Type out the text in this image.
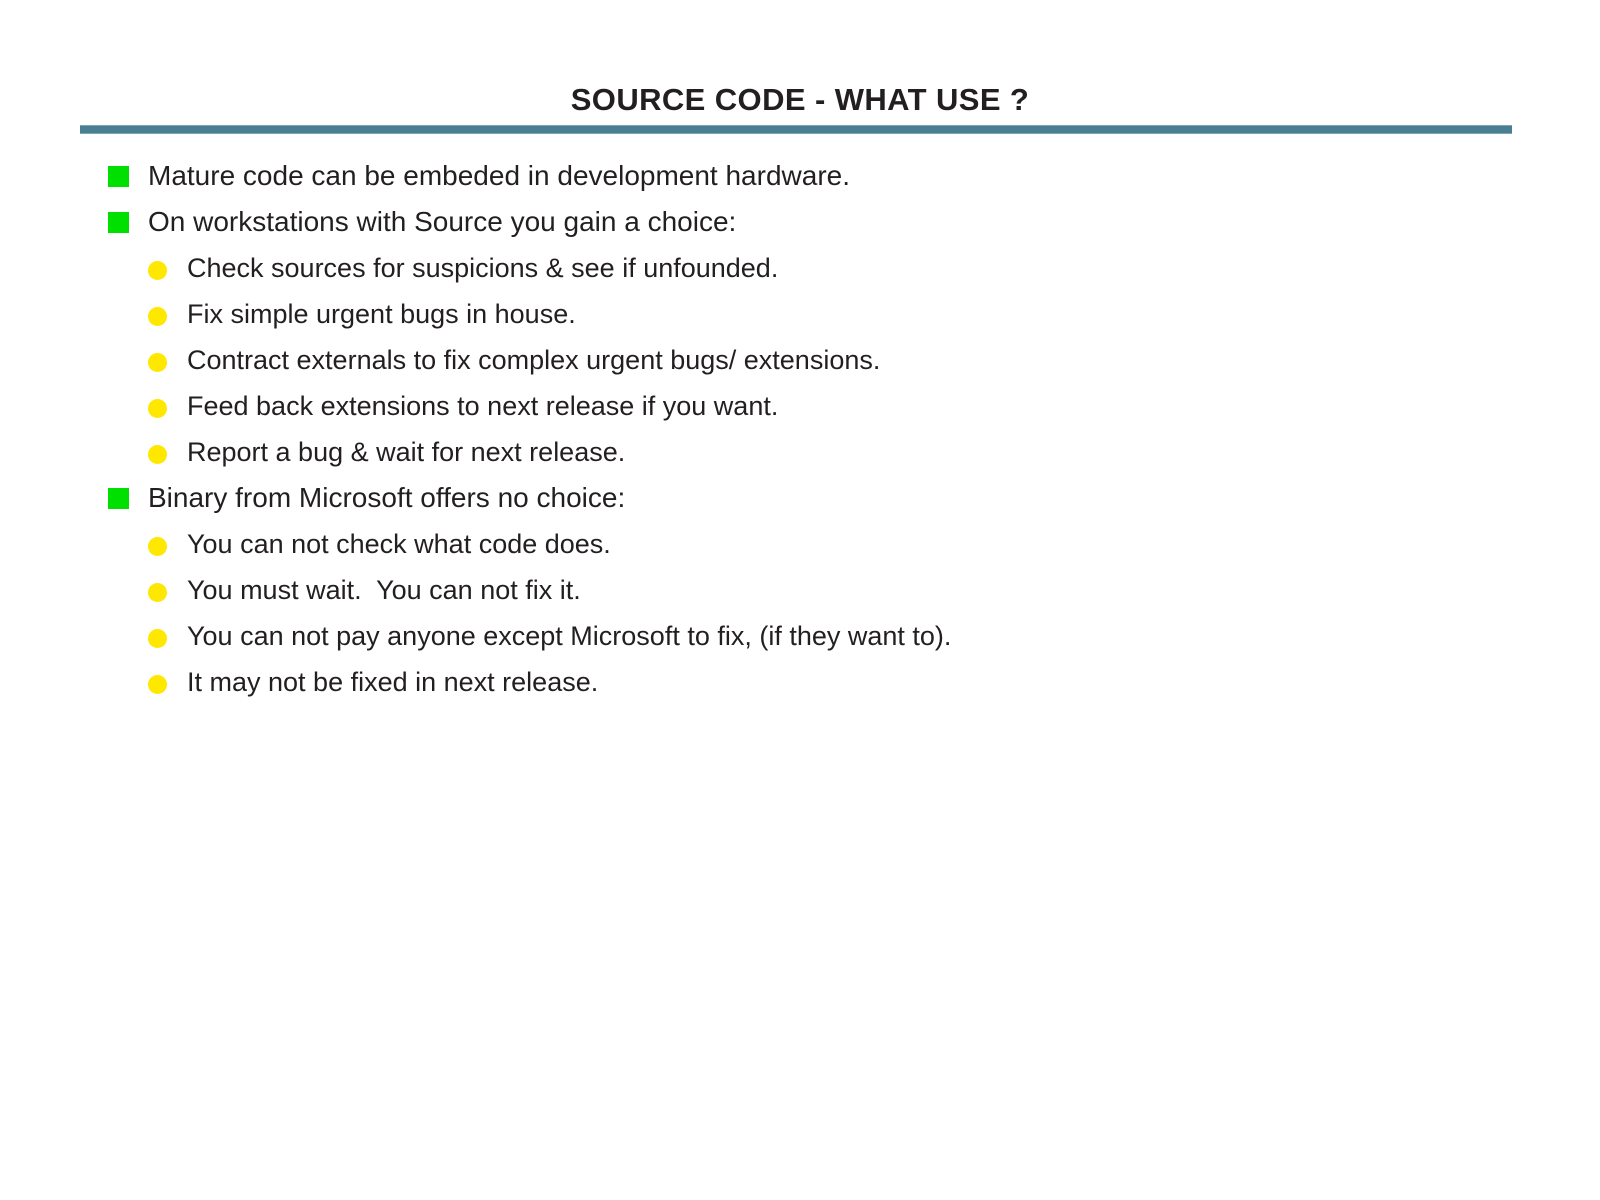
SOURCE CODE - WHAT USE ?
Mature code can be embeded in development hardware.
On workstations with Source you gain a choice:
Check sources for suspicions & see if unfounded.
Fix simple urgent bugs in house.
Contract externals to fix complex urgent bugs/ extensions.
Feed back extensions to next release if you want.
Report a bug & wait for next release.
Binary from Microsoft offers no choice:
You can not check what code does.
You must wait.  You can not fix it.
You can not pay anyone except Microsoft to fix, (if they want to).
It may not be fixed in next release.
